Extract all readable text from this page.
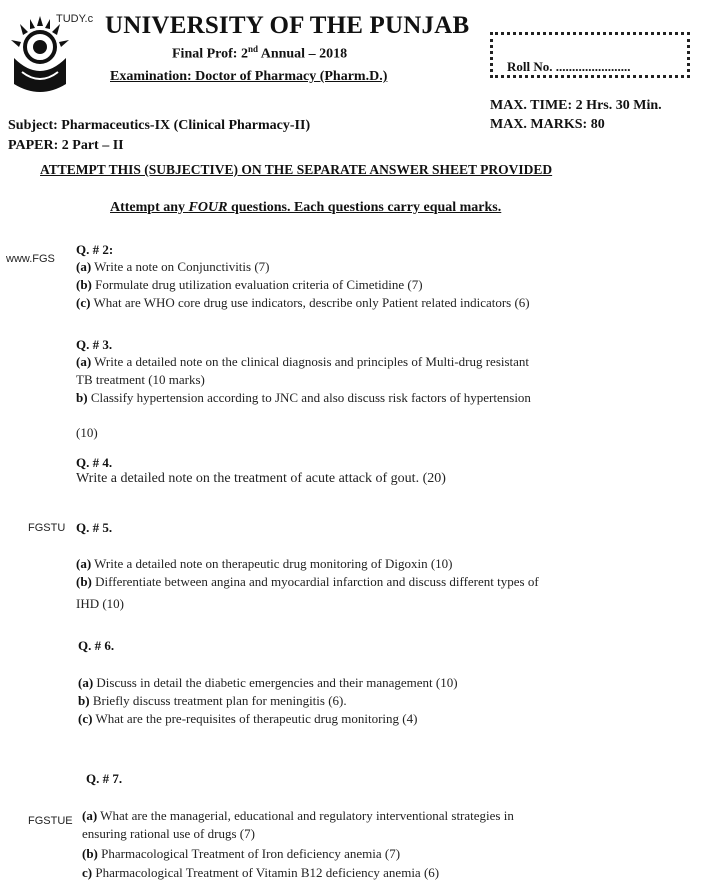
TUDY.c
www.FGS
FGSTU
FGSTUE
UNIVERSITY OF THE PUNJAB
Final Prof: 2nd Annual – 2018
Examination: Doctor of Pharmacy (Pharm.D.)
Roll No. .......................
Subject: Pharmaceutics-IX (Clinical Pharmacy-II)
PAPER: 2 Part – II
MAX. TIME: 2 Hrs. 30 Min.
MAX. MARKS: 80
ATTEMPT THIS (SUBJECTIVE) ON THE SEPARATE ANSWER SHEET PROVIDED
Attempt any FOUR questions. Each questions carry equal marks.
Q. # 2:
(a) Write a note on Conjunctivitis (7)
(b) Formulate drug utilization evaluation criteria of Cimetidine (7)
(c) What are WHO core drug use indicators, describe only Patient related indicators (6)
Q. # 3.
(a) Write a detailed note on the clinical diagnosis and principles of Multi-drug resistant
TB treatment (10 marks)
b) Classify hypertension according to JNC and also discuss risk factors of hypertension
(10)
Q. # 4.
Write a detailed note on the treatment of acute attack of gout. (20)
Q. # 5.
(a) Write a detailed note on therapeutic drug monitoring of Digoxin (10)
(b) Differentiate between angina and myocardial infarction and discuss different types of
IHD (10)
Q. # 6.
(a) Discuss in detail the diabetic emergencies and their management (10)
b) Briefly discuss treatment plan for meningitis (6).
(c) What are the pre-requisites of therapeutic drug monitoring (4)
Q. # 7.
(a) What are the managerial, educational and regulatory interventional strategies in
ensuring rational use of drugs (7)
(b) Pharmacological Treatment of Iron deficiency anemia (7)
c) Pharmacological Treatment of Vitamin B12 deficiency anemia (6)
